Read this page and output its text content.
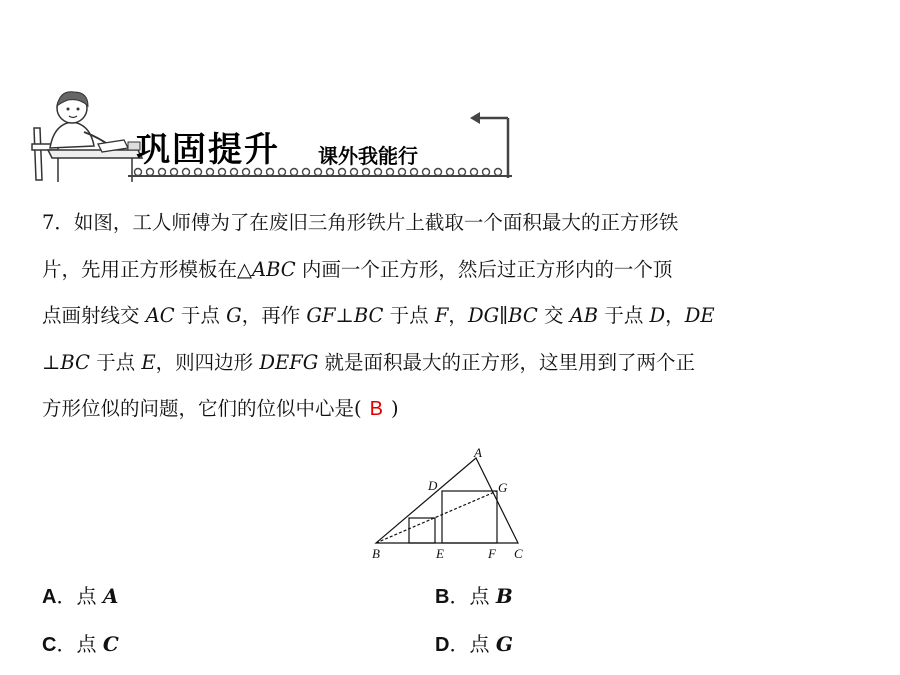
巩固提升 课外我能行
7．如图，工人师傅为了在废旧三角形铁片上截取一个面积最大的正方形铁
片，先用正方形模板在△ABC 内画一个正方形，然后过正方形内的一个顶
点画射线交 AC 于点 G，再作 GF⊥BC 于点 F，DG∥BC 交 AB 于点 D，DE
⊥BC 于点 E，则四边形 DEFG 就是面积最大的正方形，这里用到了两个正
方形位似的问题，它们的位似中心是( B )
A
D	G
B	E	F C
A．点 A	B．点 B
C．点 C	D．点 G
